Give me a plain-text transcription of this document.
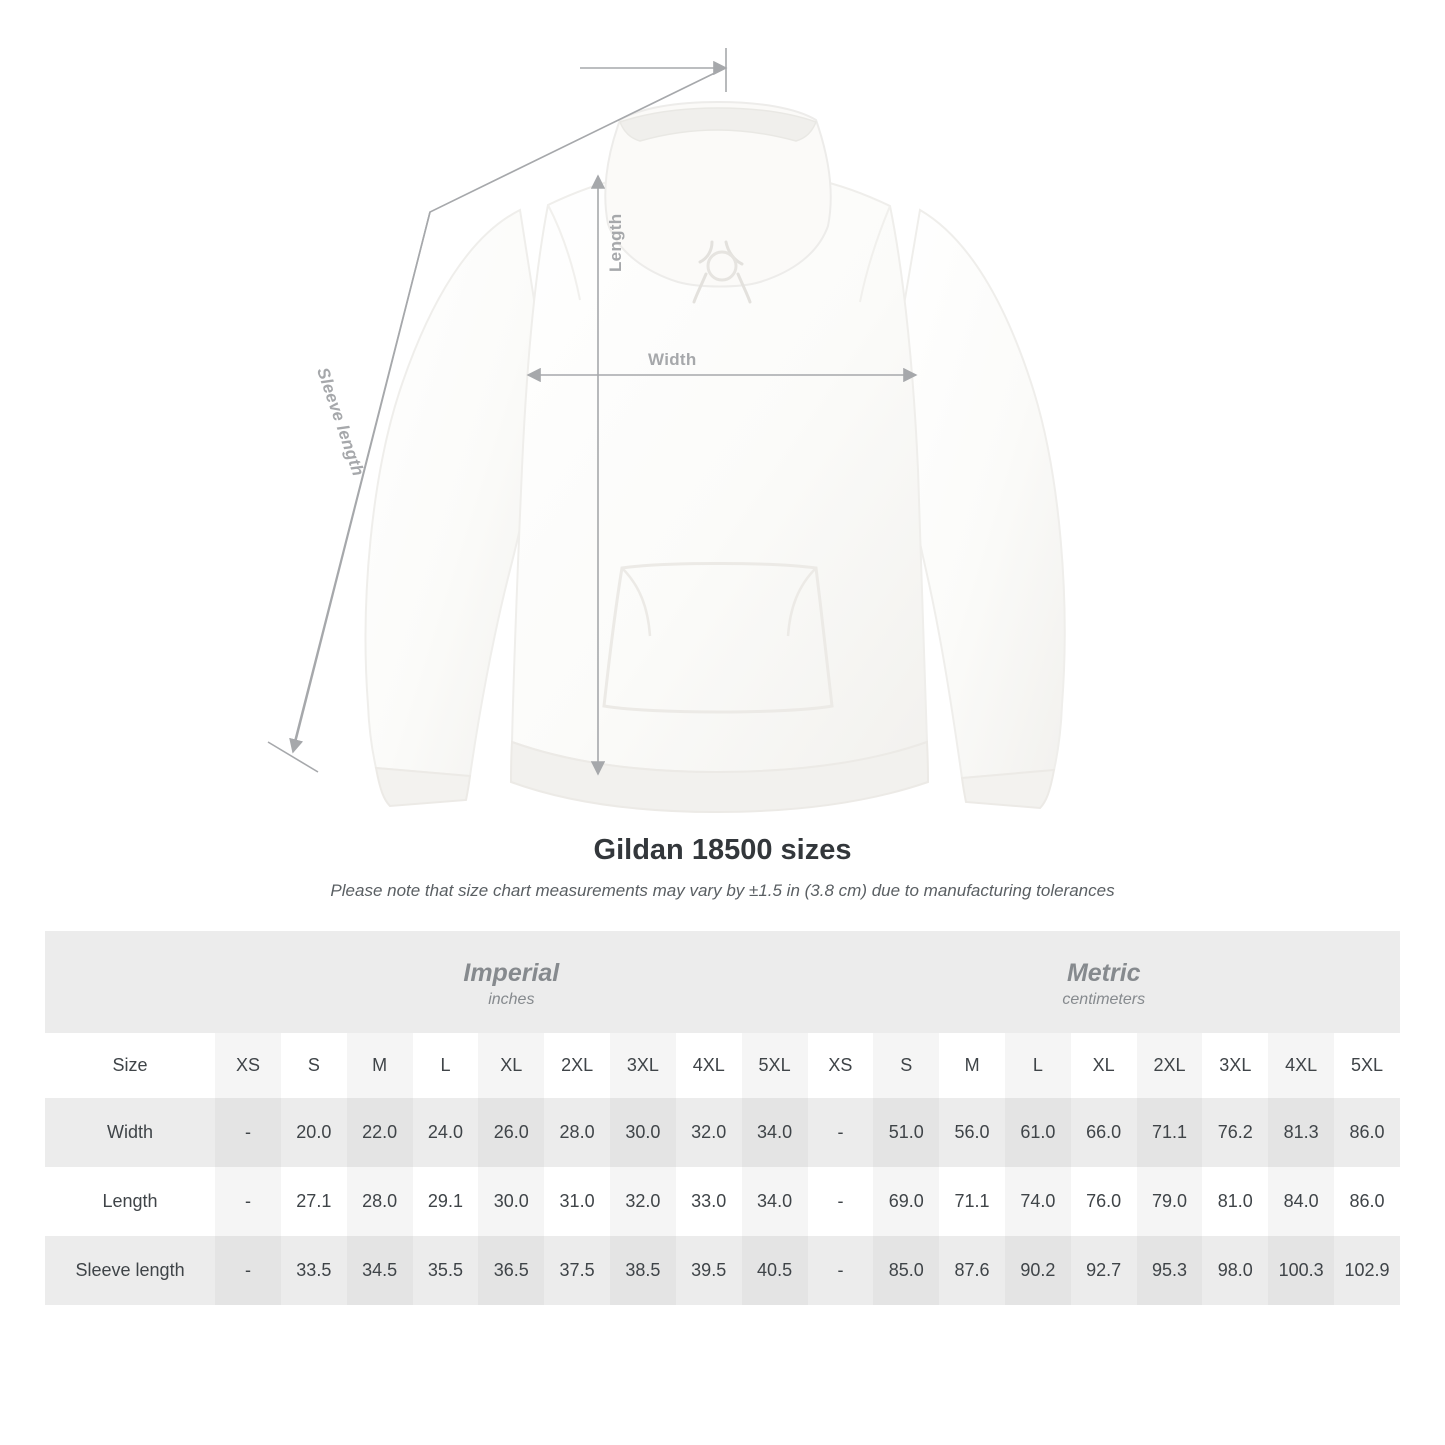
Width
Length
Sleeve length
Gildan 18500 sizes

Please note that size chart measurements may vary by ±1.5 in (3.8 cm) due to manufacturing tolerances

Imperial
inches

Metric
centimeters

Size	XS	S	M	L	XL	2XL	3XL	4XL	5XL	XS	S	M	L	XL	2XL	3XL	4XL	5XL
Width	-	20.0	22.0	24.0	26.0	28.0	30.0	32.0	34.0	-	51.0	56.0	61.0	66.0	71.1	76.2	81.3	86.0
Length	-	27.1	28.0	29.1	30.0	31.0	32.0	33.0	34.0	-	69.0	71.1	74.0	76.0	79.0	81.0	84.0	86.0
Sleeve length	-	33.5	34.5	35.5	36.5	37.5	38.5	39.5	40.5	-	85.0	87.6	90.2	92.7	95.3	98.0	100.3	102.9
